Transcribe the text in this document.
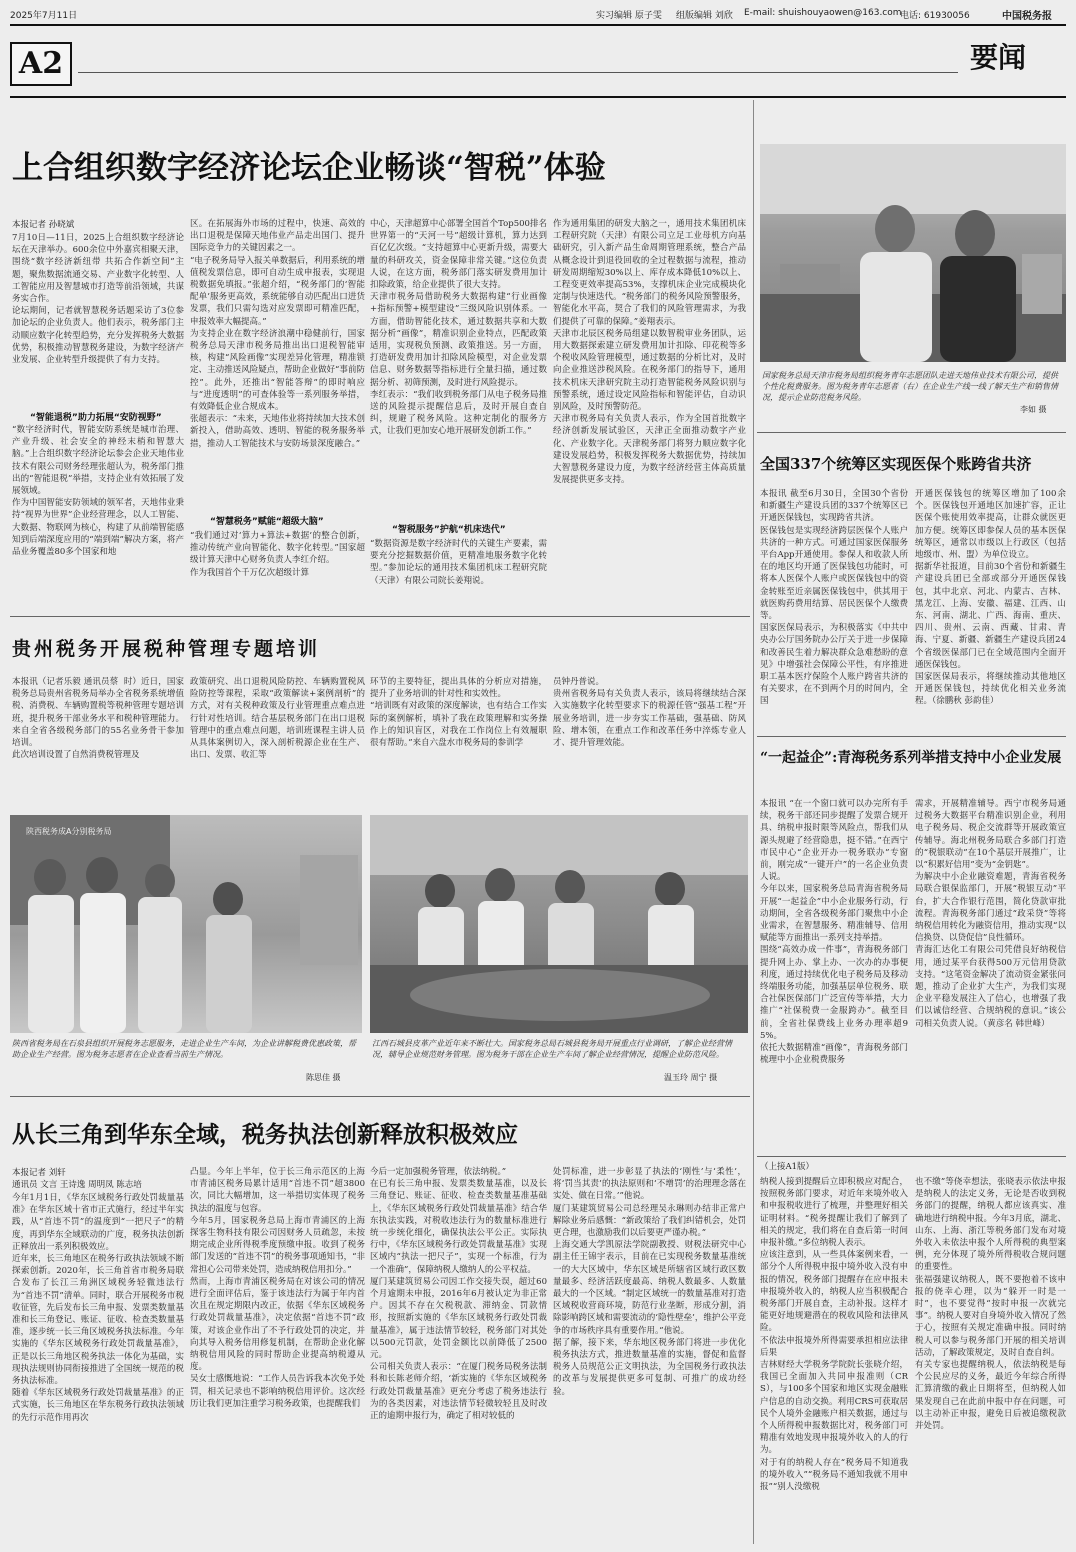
2025年7月11日	实习编辑 原子雯 组版编辑 刘欣 E-mail: shuishouyaowen@163.com
电话: 61930056	中国税务报
A2	要闻
上合组织数字经济论坛企业畅谈“智税”体验
本报记者 孙晓斌
7月10日—11日，2025上合组织数字经济论坛在天津举办。600余位中外嘉宾相聚天津，围绕“数字经济新纽带 共拓合作新空间”主题，聚焦数据流通交易、产业数字化转型、人工智能应用及智慧城市打造等前沿领域，共谋务实合作。
论坛期间，记者就智慧税务话题采访了3位参加论坛的企业负责人。他们表示，税务部门主动顺应数字化转型趋势，充分发挥税务大数据优势，积极推动智慧税务建设，为数字经济产业发展、企业转型升级提供了有力支持。
“智能退税”助力拓展“安防视野”
“数字经济时代，智能安防系统是城市治理、产业升级、社会安全的神经末梢和智慧大脑。”上合组织数字经济论坛参会企业天地伟业技术有限公司财务经理张超认为，税务部门推出的“智能退税”举措，支持企业有效拓展了发展领域。
作为中国智能安防领域的领军者，天地伟业秉持“视界为世界”企业经营理念，以人工智能、大数据、物联网为核心，构建了从前端智能感知到后端深度应用的“端到端”解决方案，将产品业务覆盖80多个国家和地
区。在拓展海外市场的过程中，快速、高效的出口退税是保障天地伟业产品走出国门、提升国际竞争力的关键因素之一。
“电子税务局导入报关单数据后，利用系统的增值税发票信息，即可自动生成申报表，实现退税数据免填报。”张超介绍，“税务部门的‘智能配单’服务更高效，系统能够自动匹配出口进货发票，我们只需勾选对应发票即可精准匹配，申报效率大幅提高。”
为支持企业在数字经济浪潮中稳健前行，国家税务总局天津市税务局推出出口退税智能审核，构建“风险画像”实现差异化管理，精准锁定、主动推送风险疑点，帮助企业做好“事前防控”。此外，还推出“智能答辩”的即时响应与“进度透明”的可查体验等一系列服务举措，有效降低企业合规成本。
张超表示：“未来，天地伟业将持续加大技术创新投入，借助高效、透明、智能的税务服务举措，推动人工智能技术与安防场景深度融合。”
“智慧税务”赋能“超级大脑”
“我们通过对‘算力+算法+数据’的整合创新，推动传统产业向智能化、数字化转型。”国家超级计算天津中心财务负责人李红介绍。
作为我国首个千万亿次超级计算
中心，天津超算中心部署全国首个Top500排名世界第一的“天河一号”超级计算机，算力达到百亿亿次级。“支持超算中心更新升级，需要大量的科研攻关，资金保障非常关键。”这位负责人说，在这方面，税务部门落实研发费用加计扣除政策，给企业提供了很大支持。
天津市税务局借助税务大数据构建“行业画像+指标预警+模型建设”三级风险识别体系。一方面，借助智能化技术，通过数据共享和大数据分析“画像”，精准识别企业特点，匹配政策适用，实现税负预测、政策推送。另一方面，打造研发费用加计扣除风险模型，对企业发票信息、财务数据等指标进行全量扫描，通过数据分析、初筛预测，及时进行风险提示。
李红表示：“我们收到税务部门从电子税务局推送的风险提示提醒信息后，及时开展自查自纠，规避了税务风险。这种定制化的服务方式，让我们更加安心地开展研发创新工作。”
“智税服务”护航“机床迭代”
“数据资源是数字经济时代的关键生产要素，需要充分挖掘数据价值，更精准地服务数字化转型。”参加论坛的通用技术集团机床工程研究院（天津）有限公司院长姜翔说。
作为通用集团的研发大脑之一，通用技术集团机床工程研究院（天津）有限公司立足工业母机方向基础研究，引入新产品生命周期管理系统，整合产品从概念设计到退役回收的全过程数据与流程，推动研发周期缩短30%以上、库存成本降低10%以上、工程变更效率提高53%，支撑机床企业完成模块化定制与快速迭代。“税务部门的税务风险预警服务，智能化水平高，契合了我们的风险管理需求，为我们提供了可靠的保障。”姜翔表示。
天津市北辰区税务局组建以数智税审业务团队，运用大数据探索建立研发费用加计扣除、印花税等多个税收风险管理模型，通过数据的分析比对，及时向企业推送涉税风险。在税务部门的指导下，通用技术机床天津研究院主动打造智能税务风险识别与预警系统，通过设定风险指标和智能评估，自动识别风险，及时预警防范。
天津市税务局有关负责人表示，作为全国首批数字经济创新发展试验区，天津正全面推动数字产业化、产业数字化。天津税务部门将努力顺应数字化建设发展趋势，积极发挥税务大数据优势，持续加大智慧税务建设力度，为数字经济经营主体高质量发展提供更多支持。
国家税务总局天津市税务局组织税务青年志愿团队走进天地伟业技术有限公司，提供个性化税费服务。图为税务青年志愿者（右）在企业生产线一线了解天生产和销售情况，提示企业防范税务风险。
李如 摄
全国337个统筹区实现医保个账跨省共济
本报讯 截至6月30日，全国30个省份和新疆生产建设兵团的337个统筹区已开通医保钱包，实现跨省共济。
医保钱包是实现经济跨层医保个人账户共济的一种方式。可通过国家医保服务平台App开通使用。参保人和收款人所在的地区均开通了医保钱包功能时，可将本人医保个人账户或医保钱包中的资金转账至近亲属医保钱包中，供其用于就医购药费用结算、居民医保个人缴费等。
国家医保局表示，为积极落实《中共中央办公厅国务院办公厅关于进一步保障和改善民生着力解决群众急难愁盼的意见》中增强社会保障公平性，有序推进职工基本医疗保险个人账户跨省共济的有关要求，在不到两个月的时间内，全国
开通医保钱包的统筹区增加了100余个。医保钱包开通地区加速扩容，正让医保个账使用效率提高，让群众就医更加方便。统筹区即参保人员的基本医保统筹区，通常以市级以上行政区（包括地级市、州、盟）为单位设立。
据新华社报道，目前30个省份和新疆生产建设兵团已全部或部分开通医保钱包，其中北京、河北、内蒙古、吉林、黑龙江、上海、安徽、福建、江西、山东、河南、湖北、广西、海南、重庆、四川、贵州、云南、西藏、甘肃、青海、宁夏、新疆、新疆生产建设兵团24个省级医保部门已在全域范围内全面开通医保钱包。
国家医保局表示，将继续推动其他地区开通医保钱包，持续优化相关业务流程。（徐鹏秋 彭韵佳）
贵州税务开展税种管理专题培训
本报讯（记者乐毅 通讯员蔡  时）近日，国家税务总局贵州省税务局举办全省税务系统增值税、消费税、车辆购置税等税种管理专题培训班，提升税务干部业务水平和税种管理能力。来自全省各级税务部门的55名业务骨干参加培训。
此次培训设置了自然消费税管理及
政策研究、出口退税风险防控、车辆购置税风险防控等课程，采取“政策解读+案例剖析”的方式，对有关税种政策及行业管理重点难点进行针对性培训。结合基层税务部门在出口退税管理中的重点难点问题，培训班课程主讲人员从具体案例切入，深入剖析税源企业在生产、出口、发票、收汇等
环节的主要特征，提出具体的分析应对措施，提升了业务培训的针对性和实效性。
“培训既有对政策的深度解读，也有结合工作实际的案例解析，填补了我在政策理解和实务操作上的知识盲区，对我在工作岗位上有效履职很有帮助。”来自六盘水市税务局的参训学
员钟丹普说。
贵州省税务局有关负责人表示，该局将继续结合深入实施数字化转型要求下的税源任管“强基工程”开展业务培训，进一步夯实工作基础，强基础、防风险、增本领，在重点工作和改革任务中淬炼专业人才、提升管理效能。
陕西税务成A分别税务局
陕西省税务局在石泉县组织开展税务志愿服务，走进企业生产车间，为企业讲解税费优惠政策，帮助企业生产经营。图为税务志愿者在企业查看当前生产情况。
陈思佳 摄
江西石城县皮革产业近年来不断壮大。国家税务总局石城县税务局开展重点行业调研，了解企业经营情况，辅导企业规范财务管理。图为税务干部在企业生产车间了解企业经营情况，提醒企业防范风险。
温玉玲 周宁 摄
“一起益企”:青海税务系列举措支持中小企业发展
本报讯 “在一个窗口就可以办完所有手续，税务干部还同步提醒了发票合规开具、纳税申报时限等风险点，帮我们从源头规避了经营隐患，挺不错。”在西宁市民中心“企业开办一税务联办”专窗前，刚完成“一键开户”的一名企业负责人说。
今年以来，国家税务总局青海省税务局开展“一起益企”中小企业服务行动，行动期间，全省各级税务部门聚焦中小企业需求，在智慧服务、精准辅导、信用赋能等方面推出一系列支持举措。
围绕“高效办成一件事”，青海税务部门提升网上办、掌上办、一次办的办事便利度，通过持续优化电子税务局及移动终端服务功能，加强基层单位税务、联合社保医保部门广泛宣传等举措，大力推广“社保税费一金服跨办”。截至目前，全省社保费线上业务办理率超95%。
依托大数据精准“画像”，青海税务部门梳理中小企业税费服务
需求，开展精准辅导。西宁市税务局通过税务大数据平台精准识别企业，利用电子税务局、税企交流群等开展政策宣传辅导。海北州税务局联合多部门打造的“税银联动”在10个基层开展推广，让以“积累好信用”变为“金钥匙”。
为解决中小企业融资难题，青海省税务局联合银保监部门，开展“税银互动”平台，扩大合作银行范围，简化贷款审批流程。青海税务部门通过“政采贷”等将纳税信用转化为融资信用，推动实现“以信换贷、以贷促信”良性循环。
青海汇达化工有限公司凭借良好纳税信用，通过某平台获得500万元信用贷款支持。“这笔资金解决了流动资金紧张问题，推动了企业扩大生产，为我们实现企业平稳发展注入了信心，也增强了我们以诚信经营、合规纳税的意识。”该公司相关负责人说。（黄彦名 韩世峰）
从长三角到华东全域，税务执法创新释放积极效应
本报记者 刘轩
通讯员 文言 王诗逸 周明凤 陈志培
今年1月1日，《华东区域税务行政处罚裁量基准》在华东区域十省市正式施行，经过半年实践，从“首违不罚”的温度到“一把尺子”的精度，再到华东全域联动的广度，税务执法创新正释放出一系列积极效应。
近年来，长三角地区在税务行政执法领域不断探索创新。2020年，长三角首省市税务局联合发布了长江三角洲区域税务轻微违法行为“首违不罚”清单。同时，联合开展税务市税收征管，先后发布长三角申报、发票类数量基准和长三角登记、账证、征收、检查类数量基准，逐步统一长三角区域税务执法标准。今年实施的《华东区域税务行政处罚裁量基准》，正是以长三角地区税务执法一体化为基础，实现执法规则协同衔接推进了全国统一规范的税务执法标准。
随着《华东区域税务行政处罚裁量基准》的正式实施，长三角地区在华东税务行政执法领域的先行示范作用再次
凸显。今年上半年，位于长三角示范区的上海市青浦区税务局累计适用“首违不罚”超3800次，同比大幅增加，这一举措切实体现了税务执法的温度与包容。
今年5月，国家税务总局上海市青浦区的上海探客生物科技有限公司因财务人员疏忽，未按期完成企业所得税季度预缴申报。收到了税务部门发送的“首违不罚”的税务事项通知书，“非常担心公司带来处罚，造成纳税信用扣分。”
然而，上海市青浦区税务局在对该公司的情况进行全面评估后，鉴于该违法行为属于年内首次且在规定期限内改正，依据《华东区域税务行政处罚裁量基准》，决定依据“首违不罚”政策，对该企业作出了不予行政处罚的决定，并向其导入税务信用修复机制，在帮助企业化解纳税信用风险的同时帮助企业提高纳税遵从度。
吴女士感慨地说：“工作人员告诉我本次免予处罚，相关记录也不影响纳税信用评价。这次经历让我们更加注重学习税务政策，也提醒我们
今后一定加强税务管理，依法纳税。”
在已有长三角申报、发票类数量基准，以及长三角登记、账证、征收、检查类数量基准基础上，《华东区域税务行政处罚裁量基准》结合华东执法实践，对税收违法行为的数量标准进行统一步统化细化，确保执法公平公正。实际执行中，《华东区域税务行政处罚裁量基准》实现区域内“执法一把尺子”，实现一个标准，行为一个准确”，保障纳税人缴纳人的公平权益。
厦门某建筑贸易公司因工作交接失误，超过60个月逾期未申报，2016年6月被认定为非正常户。因其不存在欠税税款、滞纳金、罚款情形，按照新实施的《华东区域税务行政处罚裁量基准》，属于违法情节较轻，税务部门对其处以500元罚款，处罚金额比以前降低了2500元。
公司相关负责人表示：“在厦门税务局税务法制科和长陈老师介绍，‘新实施的《华东区域税务行政处罚裁量基准》更充分考虑了税务违法行为的各类因素，对违法情节轻微较轻且及时改正的逾期申报行为，确定了相对较低的
处罚标准，进一步彰显了执法的‘刚性’与‘柔性’，将‘罚当其责’的执法原则和‘不增罚’的治理理念落在实处、做在日常。’”他说。
厦门某建筑贸易公司总经理吴永琳则办结非正常户解除业务后感慨：“新政策给了我们纠错机会，处罚更合理，也激励我们以后要更严谨办税。”
上海交通大学凯原法学院副教授、财税法研究中心副主任王锦宇表示，目前在已实现税务数量基准统一的大大区域中，华东区域是所辖省区域行政区数量最多、经济活跃度最高、纳税人数最多、人数量最大的一个区域。“制定区域统一的数量基准对打造区域税收营商环境，防范行业垄断，形成分割，消除影响跨区域和需要流动的‘隐性壁垒’，维护公平竞争的市场秩序具有重要作用。”他说。
据了解，接下来，华东地区税务部门将进一步优化税务执法方式，推进数量基准的实施，督促和监督税务人员规范公正文明执法，为全国税务行政执法的改革与发展提供更多可复制、可推广的成功经验。
（上接A1版）
纳税人接到提醒后立即积极应对配合，按照税务部门要求，对近年来境外收入和申报税收进行了梳理，并整理好相关证明材料。“税务提醒让我们了解到了相关的规定，我们将在自查后第一时间申报补缴。”多位纳税人表示。
应该注意到，从一些具体案例来看，一部分个人所得税申报中境外收入没有申报的情况，税务部门提醒存在应申报未申报境外收入的，纳税人应当积极配合税务部门开展自查，主动补报。这样才能更好地规避潜在的税收风险和法律风险。
不依法申报境外所得需要承担相应法律后果
吉林财经大学税务学院院长张晓介绍，我国已全面加入共同申报准则（CRS），与100多个国家和地区实现金融账户信息的自动交换。利用CRS可获取居民个人境外金融账户相关数据，通过与个人所得税申报数据比对，税务部门可精准有效地发现申报境外收入的人的行为。
对于有的纳税人存在“税务局不知道我的境外收入”“税务局不通知我就不用申报”“别人没缴税
也不缴”等侥幸想法，张晓表示依法申报是纳税人的法定义务，无论是否收到税务部门的提醒，纳税人都应该真实、准确地进行纳税申报。今年3月底，湖北、山东、上海、浙江等税务部门发布对境外收入未依法申报个人所得税的典型案例，充分体现了境外所得税收合规问题的重要性。
张福强建议纳税人，既不要抱着不该申报的侥幸心理，以为“躲开一时是一时”，也不要觉得“按时申报一次就完事”。纳税人要对自身境外收入情况了然于心，按照有关规定准确申报。同时纳税人可以参与税务部门开展的相关培训活动，了解政策规定，及时自查自纠。
有关专家也提醒纳税人，依法纳税是每个公民应尽的义务，最近今年综合所得汇算清缴的截止日期将至，但纳税人如果发现自己在此前申报中存在问题，可以主动补正申报，避免日后被追缴税款并处罚。
